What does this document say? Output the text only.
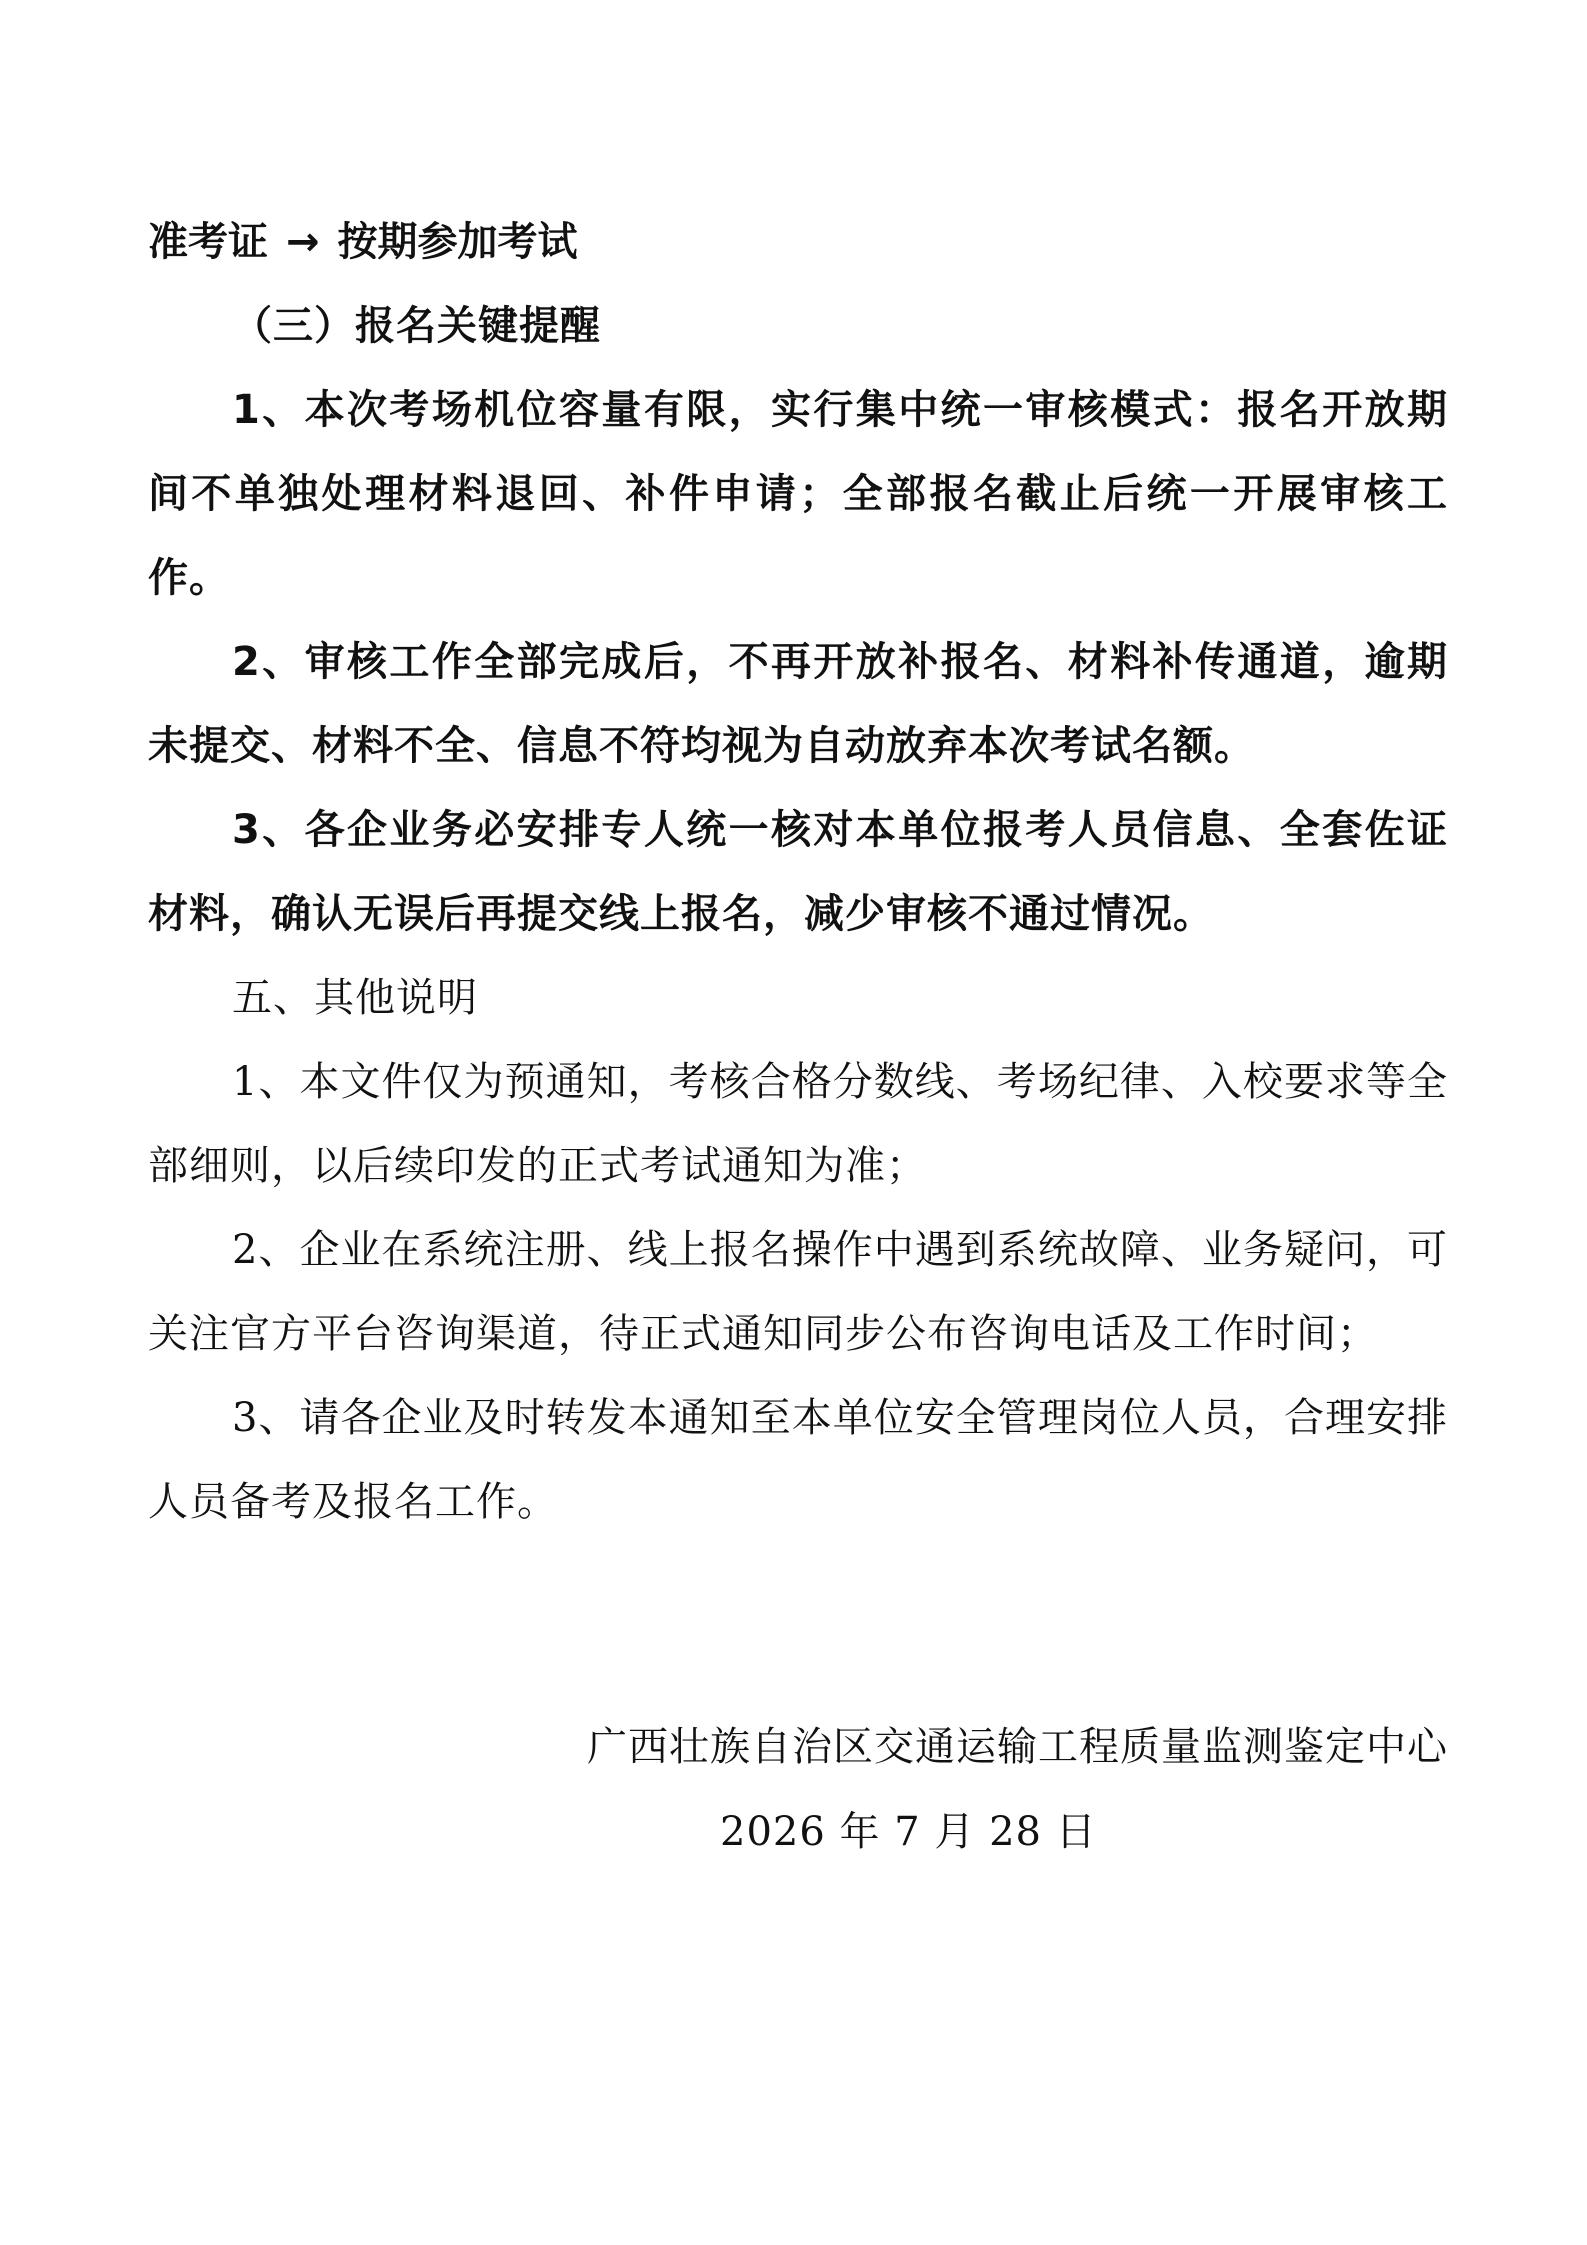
准考证 → 按期参加考试

（三）报名关键提醒

1、本次考场机位容量有限，实行集中统一审核模式：报名开放期间不单独处理材料退回、补件申请；全部报名截止后统一开展审核工作。

2、审核工作全部完成后，不再开放补报名、材料补传通道，逾期未提交、材料不全、信息不符均视为自动放弃本次考试名额。

3、各企业务必安排专人统一核对本单位报考人员信息、全套佐证材料，确认无误后再提交线上报名，减少审核不通过情况。

五、其他说明

1、本文件仅为预通知，考核合格分数线、考场纪律、入校要求等全部细则，以后续印发的正式考试通知为准；

2、企业在系统注册、线上报名操作中遇到系统故障、业务疑问，可关注官方平台咨询渠道，待正式通知同步公布咨询电话及工作时间；

3、请各企业及时转发本通知至本单位安全管理岗位人员，合理安排人员备考及报名工作。

广西壮族自治区交通运输工程质量监测鉴定中心
2026 年 7 月 28 日
